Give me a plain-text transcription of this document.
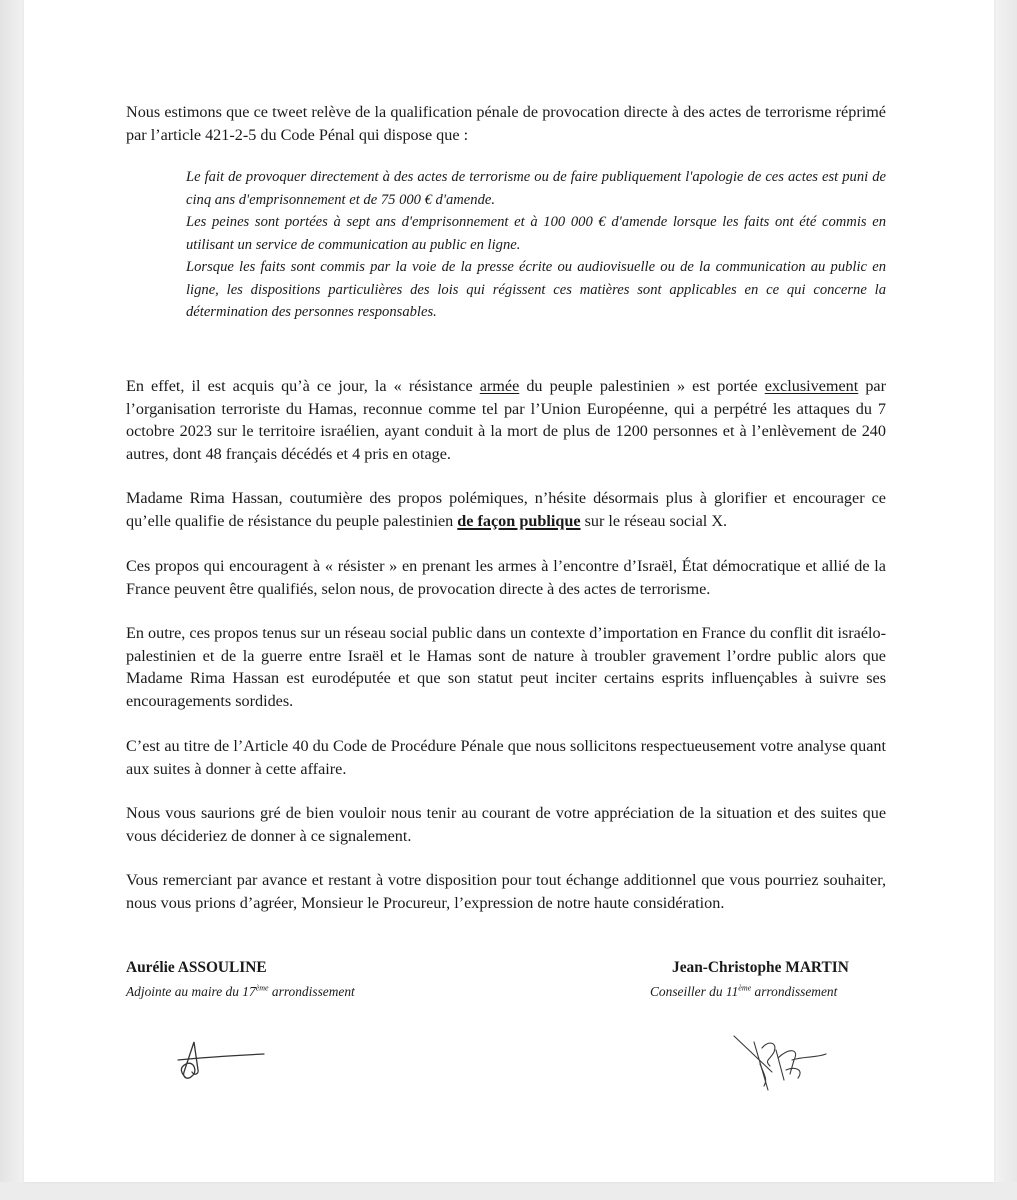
Nous estimons que ce tweet relève de la qualification pénale de provocation directe à des actes de terrorisme réprimé par l’article 421-2-5 du Code Pénal qui dispose que :

Le fait de provoquer directement à des actes de terrorisme ou de faire publiquement l'apologie de ces actes est puni de cinq ans d'emprisonnement et de 75 000 € d'amende.

Les peines sont portées à sept ans d'emprisonnement et à 100 000 € d'amende lorsque les faits ont été commis en utilisant un service de communication au public en ligne.

Lorsque les faits sont commis par la voie de la presse écrite ou audiovisuelle ou de la communication au public en ligne, les dispositions particulières des lois qui régissent ces matières sont applicables en ce qui concerne la détermination des personnes responsables.

En effet, il est acquis qu’à ce jour, la « résistance armée du peuple palestinien » est portée exclusivement par l’organisation terroriste du Hamas, reconnue comme tel par l’Union Européenne, qui a perpétré les attaques du 7 octobre 2023 sur le territoire israélien, ayant conduit à la mort de plus de 1200 personnes et à l’enlèvement de 240 autres, dont 48 français décédés et 4 pris en otage.

Madame Rima Hassan, coutumière des propos polémiques, n’hésite désormais plus à glorifier et encourager ce qu’elle qualifie de résistance du peuple palestinien de façon publique sur le réseau social X.

Ces propos qui encouragent à « résister » en prenant les armes à l’encontre d’Israël, État démocratique et allié de la France peuvent être qualifiés, selon nous, de provocation directe à des actes de terrorisme.

En outre, ces propos tenus sur un réseau social public dans un contexte d’importation en France du conflit dit israélo-palestinien et de la guerre entre Israël et le Hamas sont de nature à troubler gravement l’ordre public alors que Madame Rima Hassan est eurodéputée et que son statut peut inciter certains esprits influençables à suivre ses encouragements sordides.

C’est au titre de l’Article 40 du Code de Procédure Pénale que nous sollicitons respectueusement votre analyse quant aux suites à donner à cette affaire.

Nous vous saurions gré de bien vouloir nous tenir au courant de votre appréciation de la situation et des suites que vous décideriez de donner à ce signalement.

Vous remerciant par avance et restant à votre disposition pour tout échange additionnel que vous pourriez souhaiter, nous vous prions d’agréer, Monsieur le Procureur, l’expression de notre haute considération.

Aurélie ASSOULINE
Adjointe au maire du 17ème arrondissement
Jean-Christophe MARTIN
Conseiller du 11ème arrondissement
